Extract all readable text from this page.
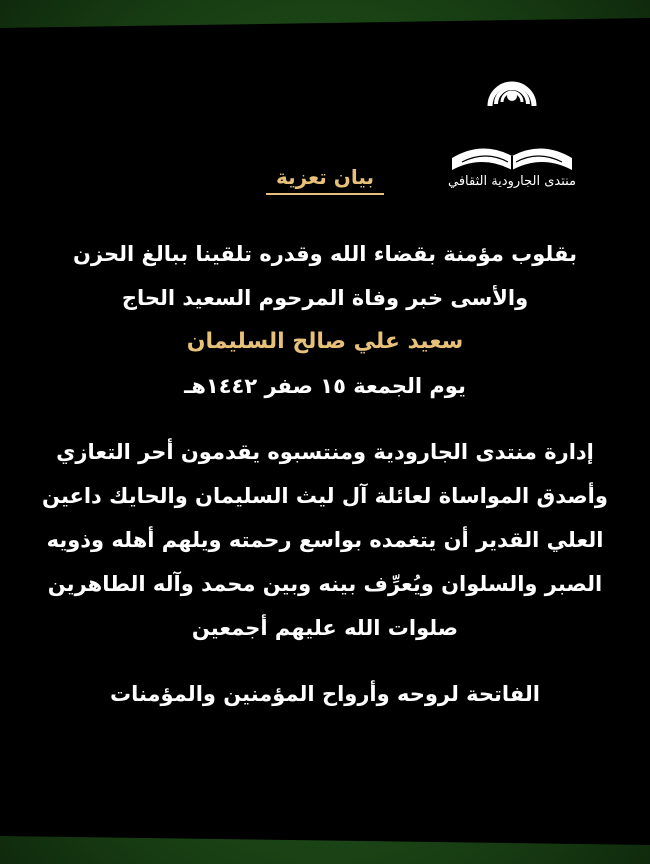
منتدى الجارودية الثقافي
بيان تعزية
بقلوب مؤمنة بقضاء الله وقدره تلقينا ببالغ الحزن
والأسى خبر وفاة المرحوم السعيد الحاج
سعيد علي صالح السليمان
يوم الجمعة ١٥ صفر ١٤٤٢هـ
إدارة منتدى الجارودية ومنتسبوه يقدمون أحر التعازي
وأصدق المواساة لعائلة آل ليث السليمان والحايك داعين
العلي القدير أن يتغمده بواسع رحمته ويلهم أهله وذويه
الصبر والسلوان ويُعرِّف بينه وبين محمد وآله الطاهرين
صلوات الله عليهم أجمعين
الفاتحة لروحه وأرواح المؤمنين والمؤمنات
